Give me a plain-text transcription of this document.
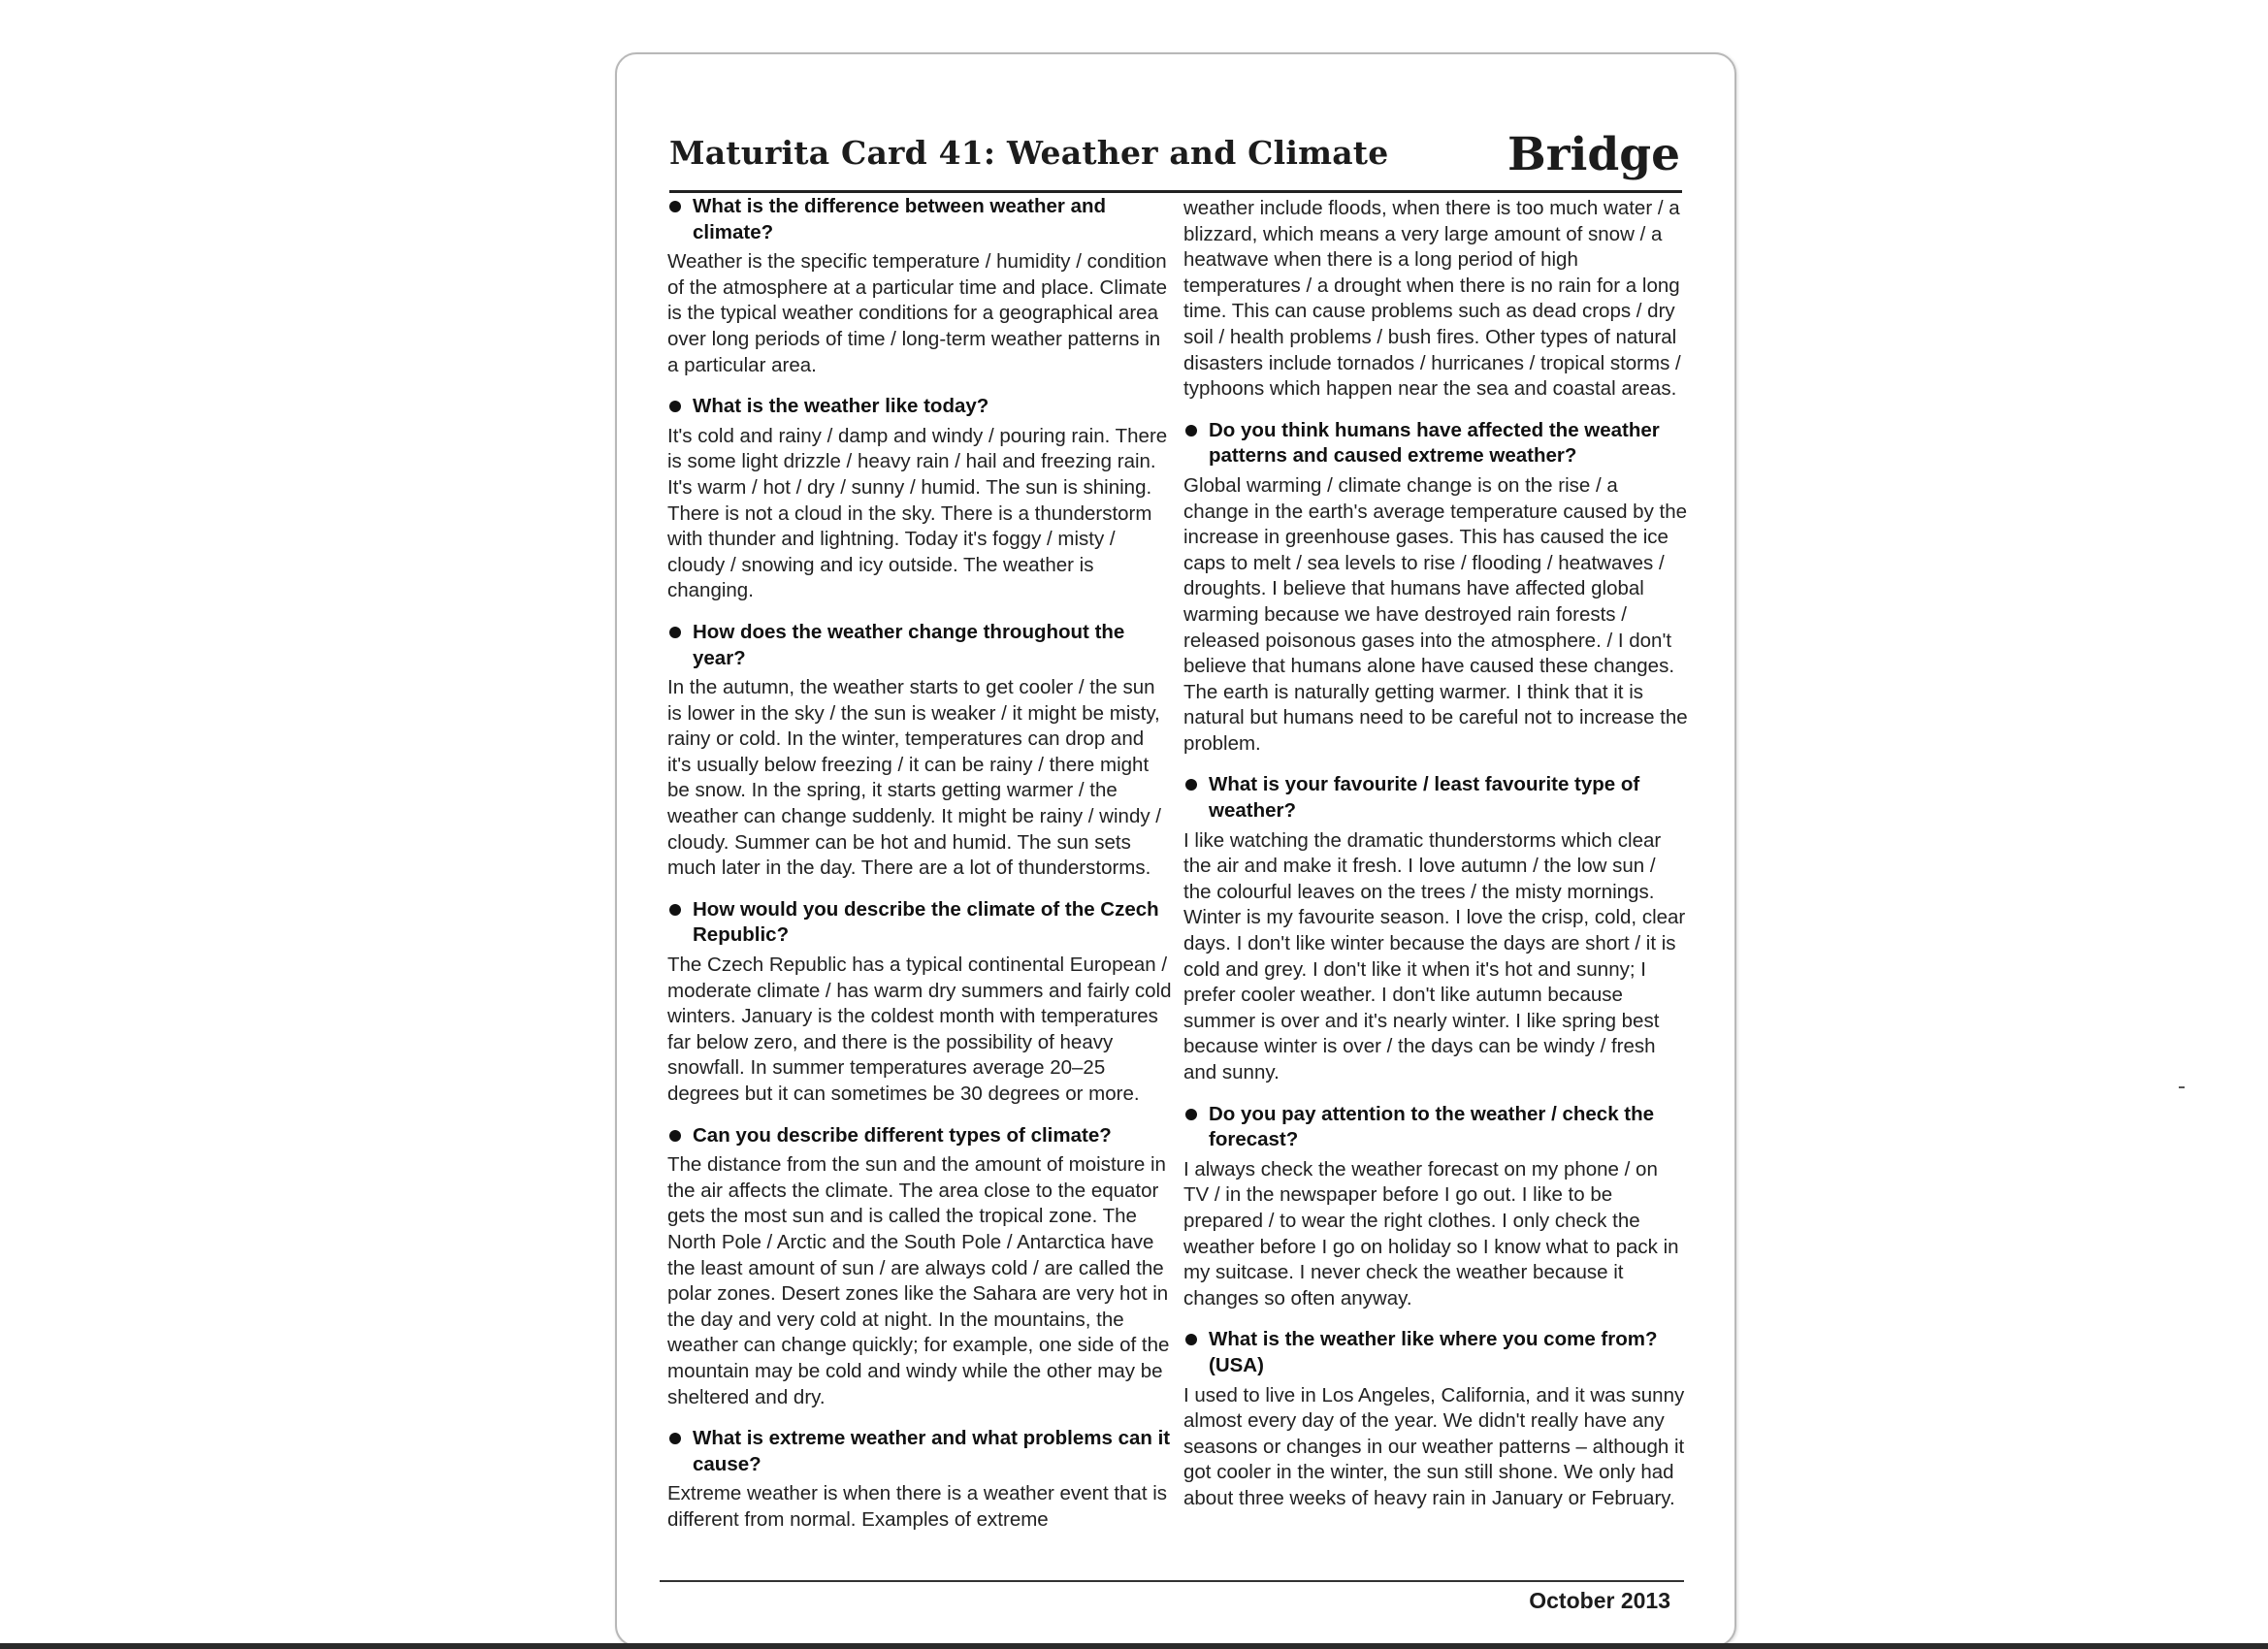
Maturita Card 41: Weather and Climate	Bridge
What is the difference between weather and climate?

Weather is the specific temperature / humidity / condition of the atmosphere at a particular time and place. Climate is the typical weather conditions for a geographical area over long periods of time / long-term weather patterns in a particular area.

What is the weather like today?

It's cold and rainy / damp and windy / pouring rain. There is some light drizzle / heavy rain / hail and freezing rain. It's warm / hot / dry / sunny / humid. The sun is shining. There is not a cloud in the sky. There is a thunderstorm with thunder and lightning. Today it's foggy / misty / cloudy / snowing and icy outside. The weather is changing.

How does the weather change throughout the year?

In the autumn, the weather starts to get cooler / the sun is lower in the sky / the sun is weaker / it might be misty, rainy or cold. In the winter, temperatures can drop and it's usually below freezing / it can be rainy / there might be snow. In the spring, it starts getting warmer / the weather can change suddenly. It might be rainy / windy / cloudy. Summer can be hot and humid. The sun sets much later in the day. There are a lot of thunderstorms.

How would you describe the climate of the Czech Republic?

The Czech Republic has a typical continental European / moderate climate / has warm dry summers and fairly cold winters. January is the coldest month with temperatures far below zero, and there is the possibility of heavy snowfall. In summer temperatures average 20–25 degrees but it can sometimes be 30 degrees or more.

Can you describe different types of climate?

The distance from the sun and the amount of moisture in the air affects the climate. The area close to the equator gets the most sun and is called the tropical zone. The North Pole / Arctic and the South Pole / Antarctica have the least amount of sun / are always cold / are called the polar zones. Desert zones like the Sahara are very hot in the day and very cold at night. In the mountains, the weather can change quickly; for example, one side of the mountain may be cold and windy while the other may be sheltered and dry.

What is extreme weather and what problems can it cause?

Extreme weather is when there is a weather event that is different from normal. Examples of extreme

weather include floods, when there is too much water / a blizzard, which means a very large amount of snow / a heatwave when there is a long period of high temperatures / a drought when there is no rain for a long time. This can cause problems such as dead crops / dry soil / health problems / bush fires. Other types of natural disasters include tornados / hurricanes / tropical storms / typhoons which happen near the sea and coastal areas.

Do you think humans have affected the weather patterns and caused extreme weather?

Global warming / climate change is on the rise / a change in the earth's average temperature caused by the increase in greenhouse gases. This has caused the ice caps to melt / sea levels to rise / flooding / heatwaves / droughts. I believe that humans have affected global warming because we have destroyed rain forests / released poisonous gases into the atmosphere. / I don't believe that humans alone have caused these changes. The earth is naturally getting warmer. I think that it is natural but humans need to be careful not to increase the problem.

What is your favourite / least favourite type of weather?

I like watching the dramatic thunderstorms which clear the air and make it fresh. I love autumn / the low sun / the colourful leaves on the trees / the misty mornings. Winter is my favourite season. I love the crisp, cold, clear days. I don't like winter because the days are short / it is cold and grey. I don't like it when it's hot and sunny; I prefer cooler weather. I don't like autumn because summer is over and it's nearly winter. I like spring best because winter is over / the days can be windy / fresh and sunny.

Do you pay attention to the weather / check the forecast?

I always check the weather forecast on my phone / on TV / in the newspaper before I go out. I like to be prepared / to wear the right clothes. I only check the weather before I go on holiday so I know what to pack in my suitcase. I never check the weather because it changes so often anyway.

What is the weather like where you come from? (USA)

I used to live in Los Angeles, California, and it was sunny almost every day of the year. We didn't really have any seasons or changes in our weather patterns – although it got cooler in the winter, the sun still shone. We only had about three weeks of heavy rain in January or February.

October 2013
